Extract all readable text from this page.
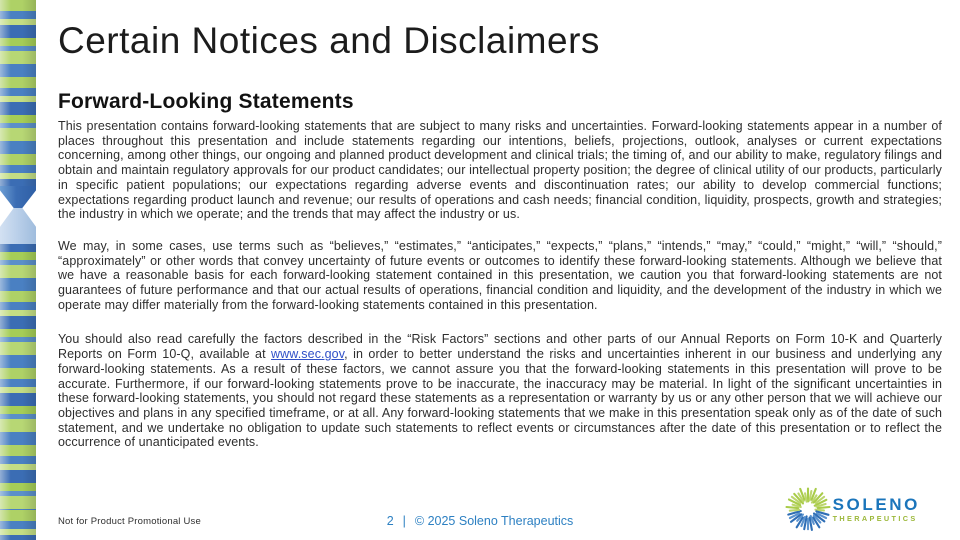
Certain Notices and Disclaimers
Forward-Looking Statements

This presentation contains forward-looking statements that are subject to many risks and uncertainties. Forward-looking statements appear in a number of places throughout this presentation and include statements regarding our intentions, beliefs, projections, outlook, analyses or current expectations concerning, among other things, our ongoing and planned product development and clinical trials; the timing of, and our ability to make, regulatory filings and obtain and maintain regulatory approvals for our product candidates; our intellectual property position; the degree of clinical utility of our products, particularly in specific patient populations; our expectations regarding adverse events and discontinuation rates; our ability to develop commercial functions; expectations regarding product launch and revenue; our results of operations and cash needs; financial condition, liquidity, prospects, growth and strategies; the industry in which we operate; and the trends that may affect the industry or us.

We may, in some cases, use terms such as “believes,” “estimates,” “anticipates,” “expects,” “plans,” “intends,” “may,” “could,” “might,” “will,” “should,” “approximately” or other words that convey uncertainty of future events or outcomes to identify these forward-looking statements. Although we believe that we have a reasonable basis for each forward-looking statement contained in this presentation, we caution you that forward-looking statements are not guarantees of future performance and that our actual results of operations, financial condition and liquidity, and the development of the industry in which we operate may differ materially from the forward-looking statements contained in this presentation.

You should also read carefully the factors described in the “Risk Factors” sections and other parts of our Annual Reports on Form 10-K and Quarterly Reports on Form 10-Q, available at www.sec.gov, in order to better understand the risks and uncertainties inherent in our business and underlying any forward-looking statements. As a result of these factors, we cannot assure you that the forward-looking statements in this presentation will prove to be accurate. Furthermore, if our forward-looking statements prove to be inaccurate, the inaccuracy may be material. In light of the significant uncertainties in these forward-looking statements, you should not regard these statements as a representation or warranty by us or any other person that we will achieve our objectives and plans in any specified timeframe, or at all. Any forward-looking statements that we make in this presentation speak only as of the date of such statement, and we undertake no obligation to update such statements to reflect events or circumstances after the date of this presentation or to reflect the occurrence of unanticipated events.

Not for Product Promotional Use	2 | © 2025 Soleno Therapeutics
SOLENO
THERAPEUTICS
